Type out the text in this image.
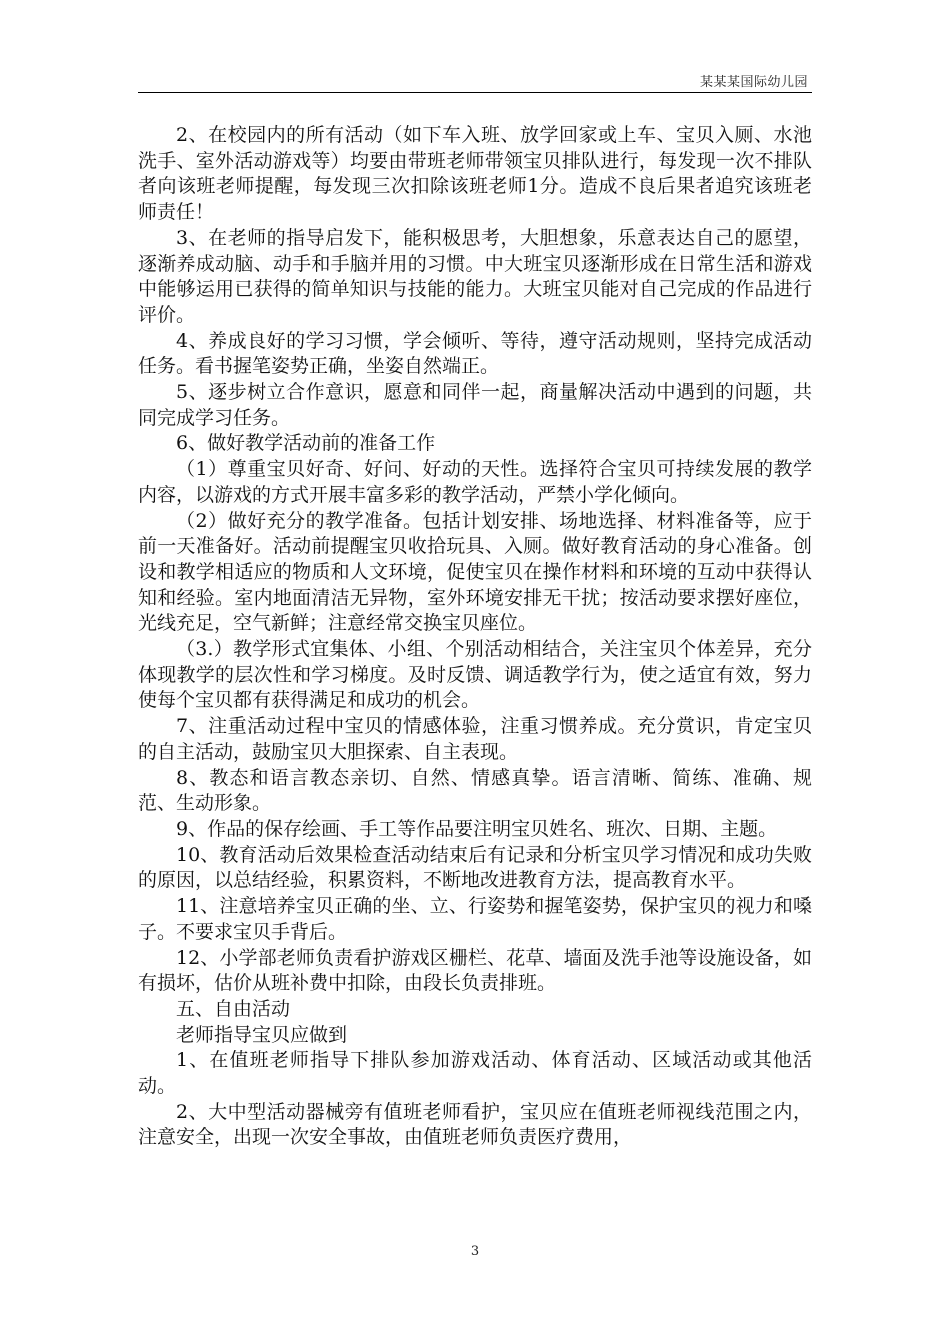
某某某国际幼儿园

2、在校园内的所有活动（如下车入班、放学回家或上车、宝贝入厕、水池洗手、室外活动游戏等）均要由带班老师带领宝贝排队进行，每发现一次不排队者向该班老师提醒，每发现三次扣除该班老师1分。造成不良后果者追究该班老师责任！

3、在老师的指导启发下，能积极思考，大胆想象，乐意表达自己的愿望，逐渐养成动脑、动手和手脑并用的习惯。中大班宝贝逐渐形成在日常生活和游戏中能够运用已获得的简单知识与技能的能力。大班宝贝能对自己完成的作品进行评价。

4、养成良好的学习习惯，学会倾听、等待，遵守活动规则，坚持完成活动任务。看书握笔姿势正确，坐姿自然端正。

5、逐步树立合作意识，愿意和同伴一起，商量解决活动中遇到的问题，共同完成学习任务。

6、做好教学活动前的准备工作

（1）尊重宝贝好奇、好问、好动的天性。选择符合宝贝可持续发展的教学内容，以游戏的方式开展丰富多彩的教学活动，严禁小学化倾向。

（2）做好充分的教学准备。包括计划安排、场地选择、材料准备等，应于前一天准备好。活动前提醒宝贝收拾玩具、入厕。做好教育活动的身心准备。创设和教学相适应的物质和人文环境，促使宝贝在操作材料和环境的互动中获得认知和经验。室内地面清洁无异物，室外环境安排无干扰；按活动要求摆好座位，光线充足，空气新鲜；注意经常交换宝贝座位。

（3.）教学形式宜集体、小组、个别活动相结合，关注宝贝个体差异，充分体现教学的层次性和学习梯度。及时反馈、调适教学行为，使之适宜有效，努力使每个宝贝都有获得满足和成功的机会。

7、注重活动过程中宝贝的情感体验，注重习惯养成。充分赏识，肯定宝贝的自主活动，鼓励宝贝大胆探索、自主表现。

8、教态和语言教态亲切、自然、情感真挚。语言清晰、简练、准确、规范、生动形象。

9、作品的保存绘画、手工等作品要注明宝贝姓名、班次、日期、主题。

10、教育活动后效果检查活动结束后有记录和分析宝贝学习情况和成功失败的原因，以总结经验，积累资料，不断地改进教育方法，提高教育水平。

11、注意培养宝贝正确的坐、立、行姿势和握笔姿势，保护宝贝的视力和嗓子。不要求宝贝手背后。

12、小学部老师负责看护游戏区栅栏、花草、墙面及洗手池等设施设备，如有损坏，估价从班补费中扣除，由段长负责排班。

五、自由活动

老师指导宝贝应做到

1、在值班老师指导下排队参加游戏活动、体育活动、区域活动或其他活动。

2、大中型活动器械旁有值班老师看护，宝贝应在值班老师视线范围之内，注意安全，出现一次安全事故，由值班老师负责医疗费用，

3
